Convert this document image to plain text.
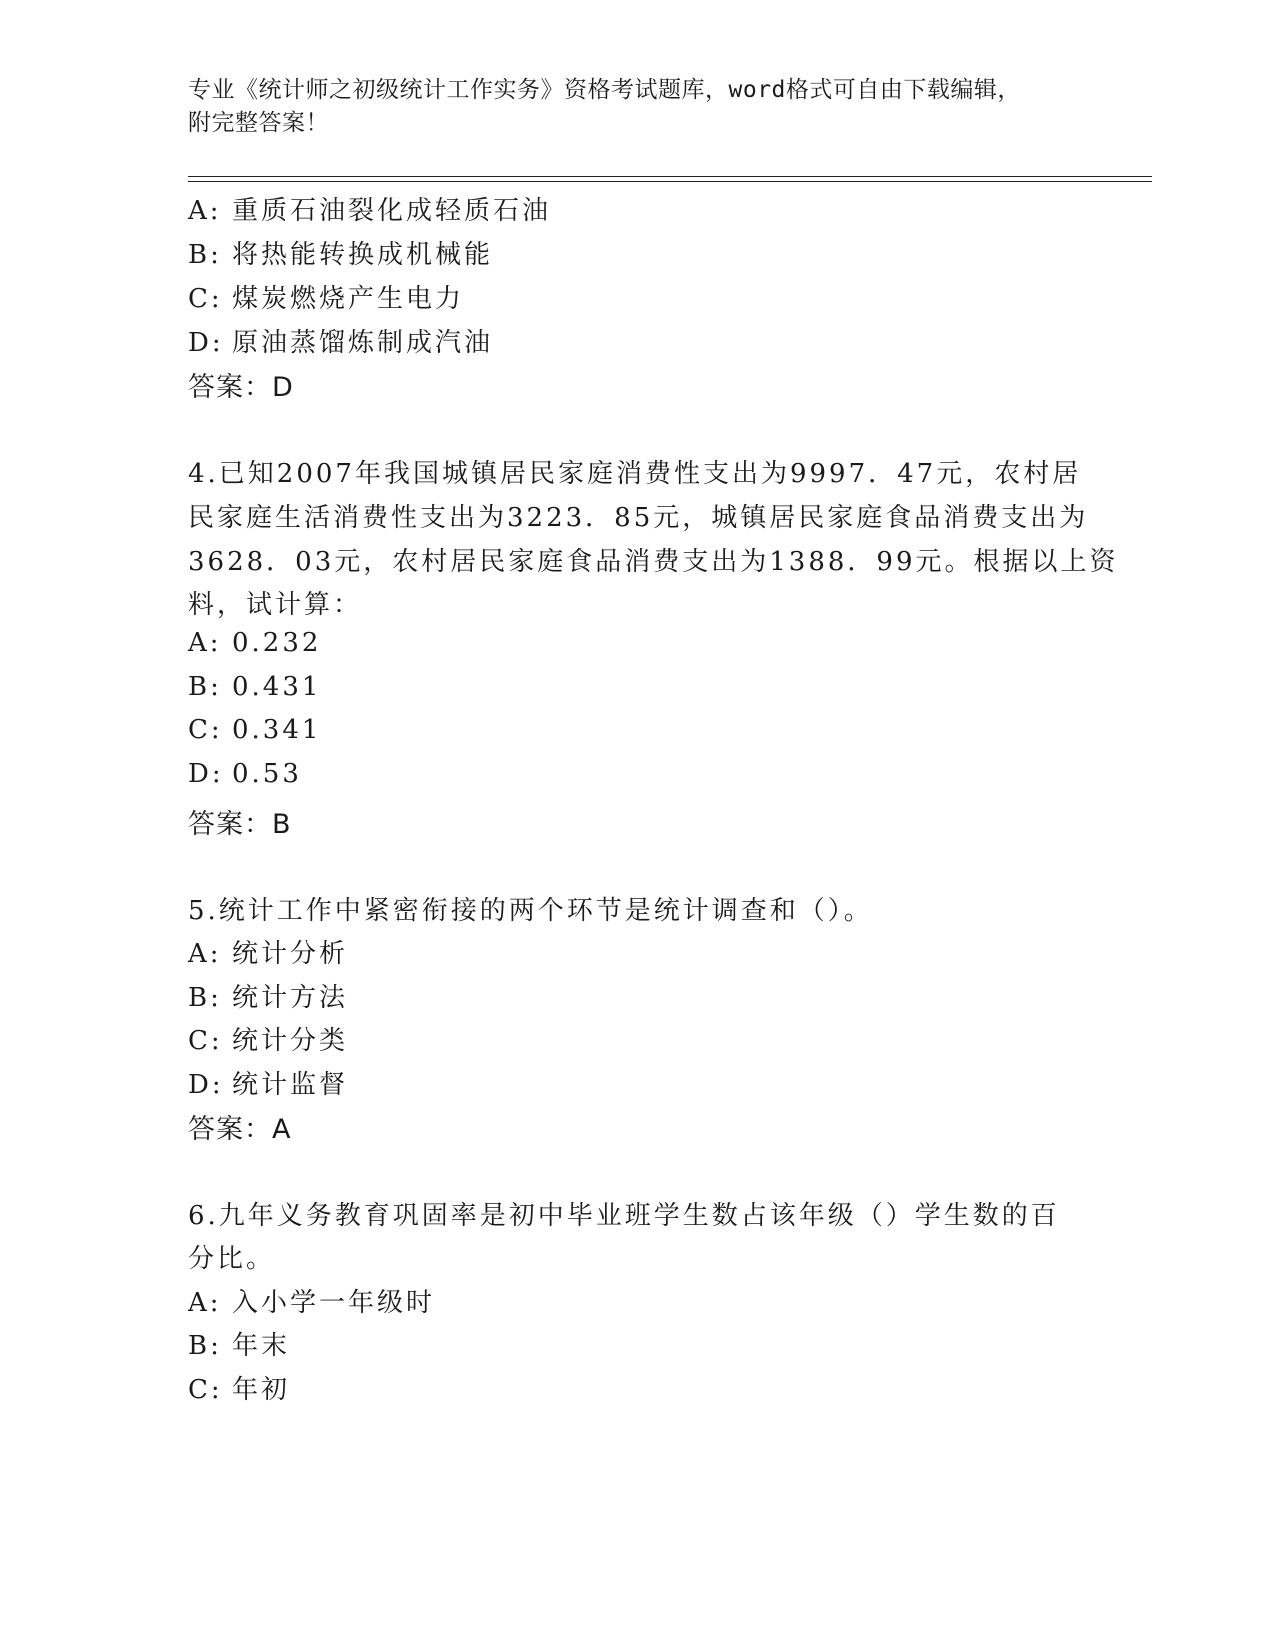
专业《统计师之初级统计工作实务》资格考试题库，word格式可自由下载编辑，
附完整答案！
A: 重质石油裂化成轻质石油
B: 将热能转换成机械能
C: 煤炭燃烧产生电力
D: 原油蒸馏炼制成汽油
答案：D
4.已知2007年我国城镇居民家庭消费性支出为9997．47元，农村居
民家庭生活消费性支出为3223．85元，城镇居民家庭食品消费支出为
3628．03元，农村居民家庭食品消费支出为1388．99元。根据以上资
料，试计算：
A: 0.232
B: 0.431
C: 0.341
D: 0.53
答案：B
5.统计工作中紧密衔接的两个环节是统计调查和（）。
A: 统计分析
B: 统计方法
C: 统计分类
D: 统计监督
答案：A
6.九年义务教育巩固率是初中毕业班学生数占该年级（）学生数的百
分比。
A: 入小学一年级时
B: 年末
C: 年初
